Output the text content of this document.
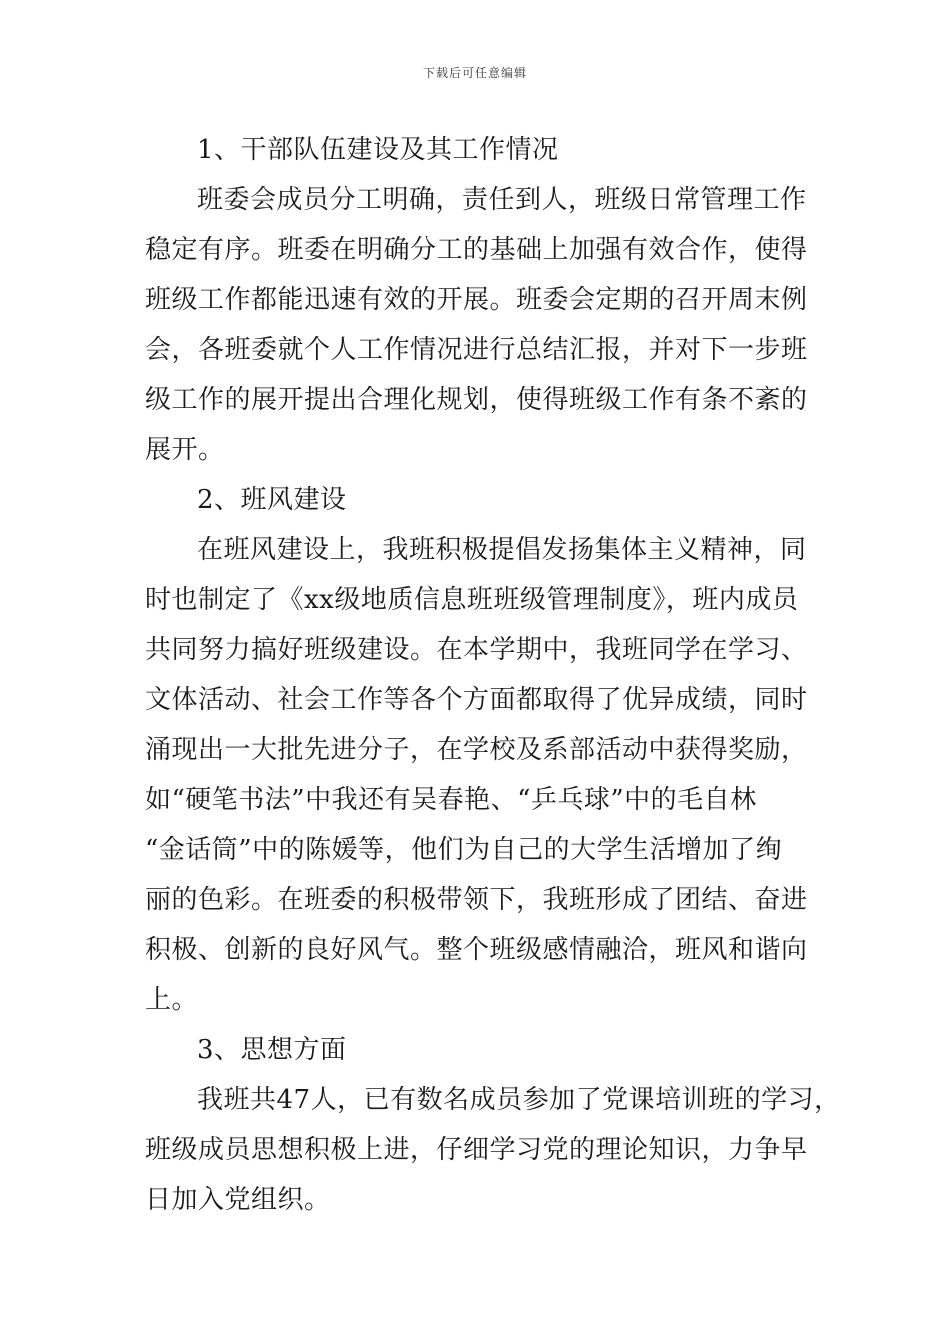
下载后可任意编辑
1、干部队伍建设及其工作情况
班委会成员分工明确，责任到人，班级日常管理工作
稳定有序。班委在明确分工的基础上加强有效合作，使得
班级工作都能迅速有效的开展。班委会定期的召开周末例
会，各班委就个人工作情况进行总结汇报，并对下一步班
级工作的展开提出合理化规划，使得班级工作有条不紊的
展开。
2、班风建设
在班风建设上，我班积极提倡发扬集体主义精神，同
时也制定了《xx级地质信息班班级管理制度》，班内成员
共同努力搞好班级建设。在本学期中，我班同学在学习、
文体活动、社会工作等各个方面都取得了优异成绩，同时
涌现出一大批先进分子，在学校及系部活动中获得奖励，
如“硬笔书法”中我还有吴春艳、“乒乓球”中的毛自林
“金话筒”中的陈媛等，他们为自己的大学生活增加了绚
丽的色彩。在班委的积极带领下，我班形成了团结、奋进
积极、创新的良好风气。整个班级感情融洽，班风和谐向
上。
3、思想方面
我班共47人，已有数名成员参加了党课培训班的学习，
班级成员思想积极上进，仔细学习党的理论知识，力争早
日加入党组织。
